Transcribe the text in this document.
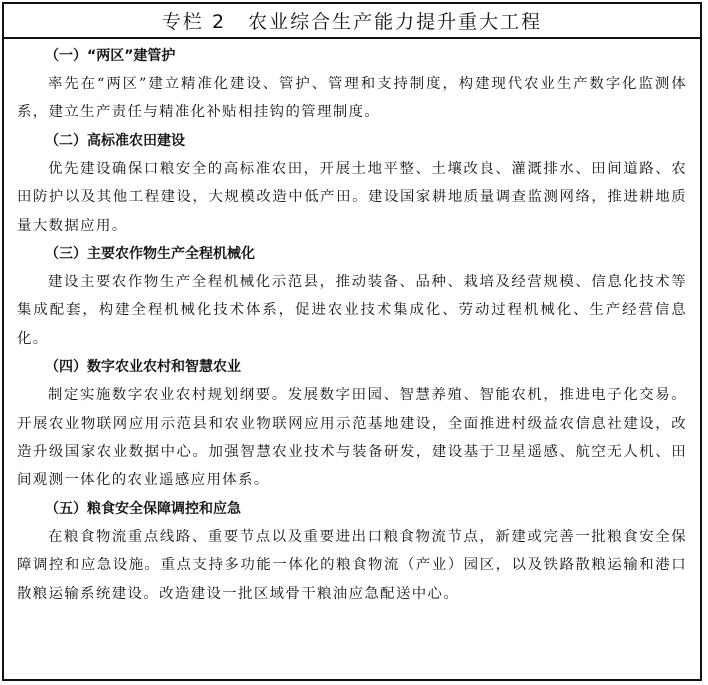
专栏 2 农业综合生产能力提升重大工程
（一）“两区”建管护

率先在“两区”建立精准化建设、管护、管理和支持制度，构建现代农业生产数字化监测体系，建立生产责任与精准化补贴相挂钩的管理制度。

（二）高标准农田建设

优先建设确保口粮安全的高标准农田，开展土地平整、土壤改良、灌溉排水、田间道路、农田防护以及其他工程建设，大规模改造中低产田。建设国家耕地质量调查监测网络，推进耕地质量大数据应用。

（三）主要农作物生产全程机械化

建设主要农作物生产全程机械化示范县，推动装备、品种、栽培及经营规模、信息化技术等集成配套，构建全程机械化技术体系，促进农业技术集成化、劳动过程机械化、生产经营信息化。

（四）数字农业农村和智慧农业

制定实施数字农业农村规划纲要。发展数字田园、智慧养殖、智能农机，推进电子化交易。开展农业物联网应用示范县和农业物联网应用示范基地建设，全面推进村级益农信息社建设，改造升级国家农业数据中心。加强智慧农业技术与装备研发，建设基于卫星遥感、航空无人机、田间观测一体化的农业遥感应用体系。

（五）粮食安全保障调控和应急

在粮食物流重点线路、重要节点以及重要进出口粮食物流节点，新建或完善一批粮食安全保障调控和应急设施。重点支持多功能一体化的粮食物流（产业）园区，以及铁路散粮运输和港口散粮运输系统建设。改造建设一批区域骨干粮油应急配送中心。
